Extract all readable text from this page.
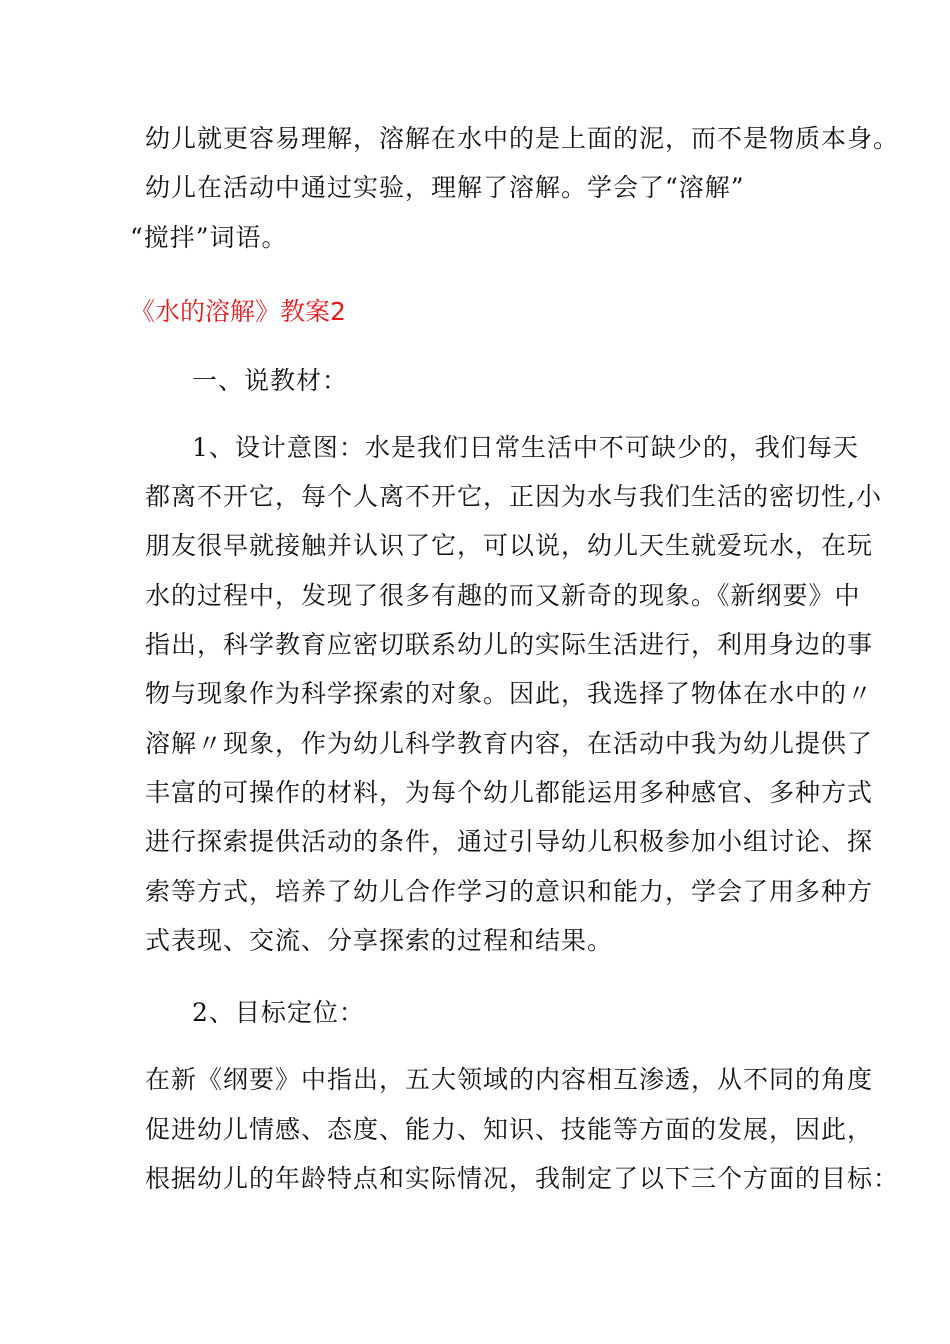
幼儿就更容易理解，溶解在水中的是上面的泥，而不是物质本身。
幼儿在活动中通过实验，理解了溶解。学会了“溶解”
“搅拌”词语。
《水的溶解》教案2
一、说教材：
1、设计意图：水是我们日常生活中不可缺少的，我们每天
都离不开它，每个人离不开它，正因为水与我们生活的密切性,小
朋友很早就接触并认识了它，可以说，幼儿天生就爱玩水，在玩
水的过程中，发现了很多有趣的而又新奇的现象。《新纲要》中
指出，科学教育应密切联系幼儿的实际生活进行，利用身边的事
物与现象作为科学探索的对象。因此，我选择了物体在水中的〃
溶解〃现象，作为幼儿科学教育内容，在活动中我为幼儿提供了
丰富的可操作的材料，为每个幼儿都能运用多种感官、多种方式
进行探索提供活动的条件，通过引导幼儿积极参加小组讨论、探
索等方式，培养了幼儿合作学习的意识和能力，学会了用多种方
式表现、交流、分享探索的过程和结果。
2、目标定位：
在新《纲要》中指出，五大领域的内容相互渗透，从不同的角度
促进幼儿情感、态度、能力、知识、技能等方面的发展，因此，
根据幼儿的年龄特点和实际情况，我制定了以下三个方面的目标：
